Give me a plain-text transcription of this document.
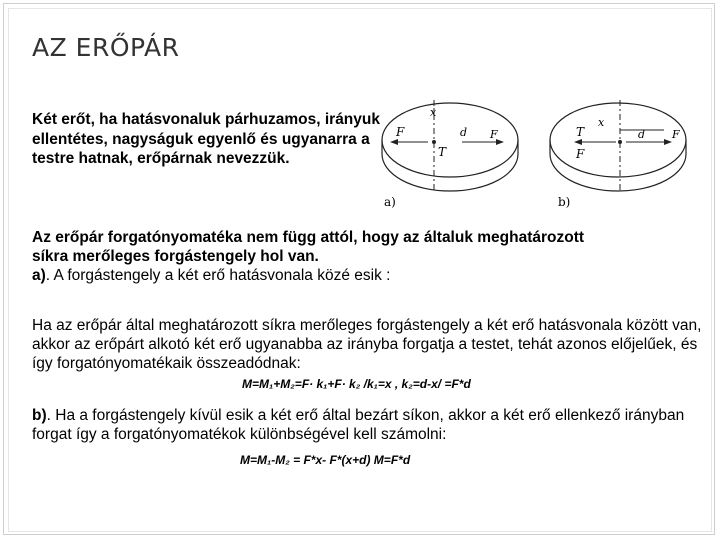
AZ ERŐPÁR
Két erőt, ha hatásvonaluk párhuzamos, irányuk ellentétes, nagyságuk egyenlő és ugyanarra a testre hatnak, erőpárnak nevezzük.
F
T
x
d F
a)
T
x
F
d F
b)
Az erőpár forgatónyomatéka nem függ attól, hogy az általuk meghatározott
síkra merőleges forgástengely hol van.
a). A forgástengely a két erő hatásvonala közé esik :
Ha az erőpár által meghatározott síkra merőleges forgástengely a két erő hatásvonala között van, akkor az erőpárt alkotó két erő ugyanabba az irányba forgatja a testet, tehát azonos előjelűek, és így forgatónyomatékaik összeadódnak:
M=M₁+M₂=F· k₁+F· k₂ /k₁=x , k₂=d-x/ =F*d
b). Ha a forgástengely kívül esik a két erő által bezárt síkon, akkor a két erő ellenkező irányban forgat így a forgatónyomatékok különbségével kell számolni:
M=M₁-M₂ = F*x- F*(x+d) M=F*d
